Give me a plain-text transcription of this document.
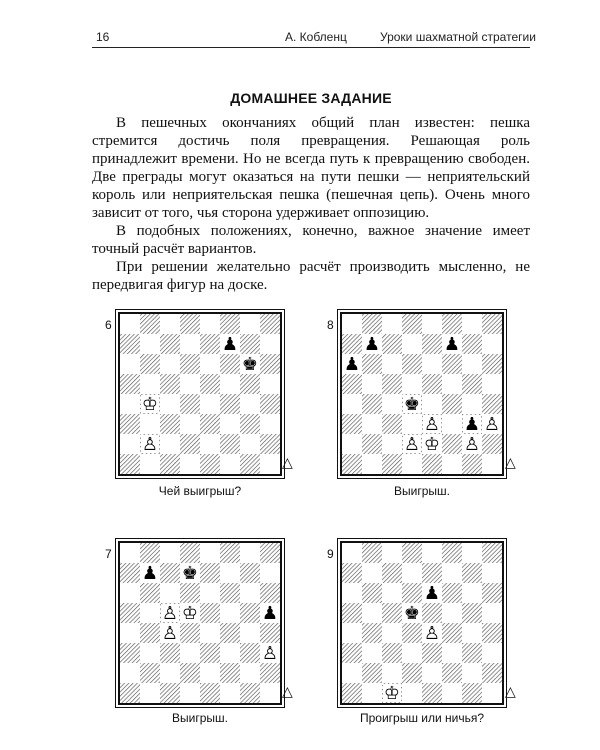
16	А. Кобленц	Уроки шахматной стратегии
ДОМАШНЕЕ ЗАДАНИЕ

В пешечных окончаниях общий план известен: пешка стремится достичь поля превращения. Решающая роль принадлежит времени. Но не всегда путь к превращению свободен. Две преграды могут оказаться на пути пешки — неприятельский король или неприятельская пешка (пешечная цепь). Очень много зависит от того, чья сторона удерживает оппозицию.

В подобных положениях, конечно, важное значение имеет точный расчёт вариантов.

При решении желательно расчёт производить мысленно, не передвигая фигур на доске.

6
♟
♚
♔
♙
△
Чей выигрыш?
8
♟	♟
♟
♚
♙ ♟ ♙
♙ ♔ ♙
△
Выигрыш.
7
♟ ♚
♙ ♔	♟
♙
♙
△
Выигрыш.
9
♟
♚
♙
♔	△
Проигрыш или ничья?
